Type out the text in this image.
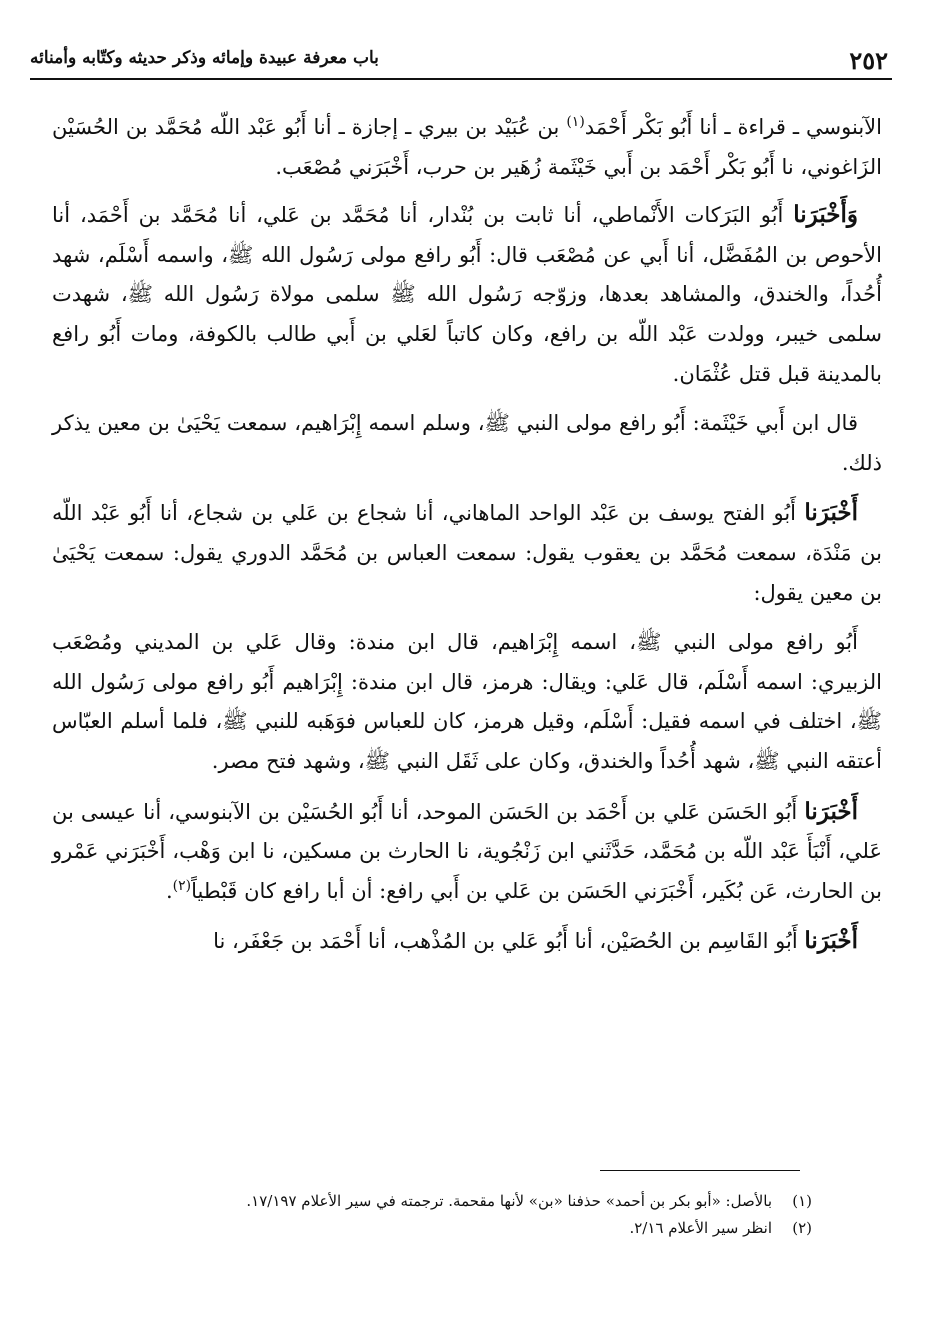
٢٥٢
باب معرفة عبيدة وإمائه وذكر حديثه وكتّابه وأمنائه

الآبنوسي ـ قراءة ـ أنا أَبُو بَكْر أَحْمَد$^{(١)}$ بن عُبَيْد بن بيري ـ إجازة ـ أنا أَبُو عَبْد اللّه مُحَمَّد بن الحُسَيْن الزَاغوني، نا أَبُو بَكْر أَحْمَد بن أَبي خَيْثَمة زُهَير بن حرب، أَخْبَرَني مُصْعَب.

وَأَخْبَرَنا أَبُو البَرَكات الأَنْماطي، أنا ثابت بن بُنْدار، أنا مُحَمَّد بن عَلي، أنا مُحَمَّد بن أَحْمَد، أنا الأحوص بن المُفَضَّل، أنا أَبي عن مُصْعَب قال: أَبُو رافع مولى رَسُول الله ﷺ، واسمه أَسْلَم، شهد أُحُداً، والخندق، والمشاهد بعدها، وزوّجه رَسُول الله ﷺ سلمى مولاة رَسُول الله ﷺ، شهدت سلمى خيبر، وولدت عَبْد اللّه بن رافع، وكان كاتباً لعَلي بن أَبي طالب بالكوفة، ومات أَبُو رافع بالمدينة قبل قتل عُثْمَان.

قال ابن أَبي خَيْثَمة: أَبُو رافع مولى النبي ﷺ، وسلم اسمه إِبْرَاهيم، سمعت يَحْيَىٰ بن معين يذكر ذلك.

أَخْبَرَنا أَبُو الفتح يوسف بن عَبْد الواحد الماهاني، أنا شجاع بن عَلي بن شجاع، أنا أَبُو عَبْد اللّه بن مَنْدَة، سمعت مُحَمَّد بن يعقوب يقول: سمعت العباس بن مُحَمَّد الدوري يقول: سمعت يَحْيَىٰ بن معين يقول:

أَبُو رافع مولى النبي ﷺ، اسمه إِبْرَاهيم، قال ابن مندة: وقال عَلي بن المديني ومُصْعَب الزبيري: اسمه أَسْلَم، قال عَلي: ويقال: هرمز، قال ابن مندة: إِبْرَاهيم أَبُو رافع مولى رَسُول الله ﷺ، اختلف في اسمه فقيل: أَسْلَم، وقيل هرمز، كان للعباس فوَهَبه للنبي ﷺ، فلما أسلم العبّاس أعتقه النبي ﷺ، شهد أُحُداً والخندق، وكان على ثَقَل النبي ﷺ، وشهد فتح مصر.

أَخْبَرَنا أَبُو الحَسَن عَلي بن أَحْمَد بن الحَسَن الموحد، أنا أَبُو الحُسَيْن بن الآبنوسي، أنا عيسى بن عَلي، أَنْبَأَ عَبْد اللّه بن مُحَمَّد، حَدَّثَني ابن زَنْجُوية، نا الحارث بن مسكين، نا ابن وَهْب، أَخْبَرَني عَمْرو بن الحارث، عَن بُكَير، أَخْبَرَني الحَسَن بن عَلي بن أَبي رافع: أن أبا رافع كان قَبْطياً$^{(٢)}$.

أَخْبَرَنا أَبُو القَاسِم بن الحُصَيْن، أنا أَبُو عَلي بن المُذْهب، أنا أَحْمَد بن جَعْفَر، نا

(١)بالأصل: «أبو بكر بن أحمد» حذفنا «بن» لأنها مقحمة. ترجمته في سير الأعلام ١٧/١٩٧.
(٢)انظر سير الأعلام ٢/١٦.
